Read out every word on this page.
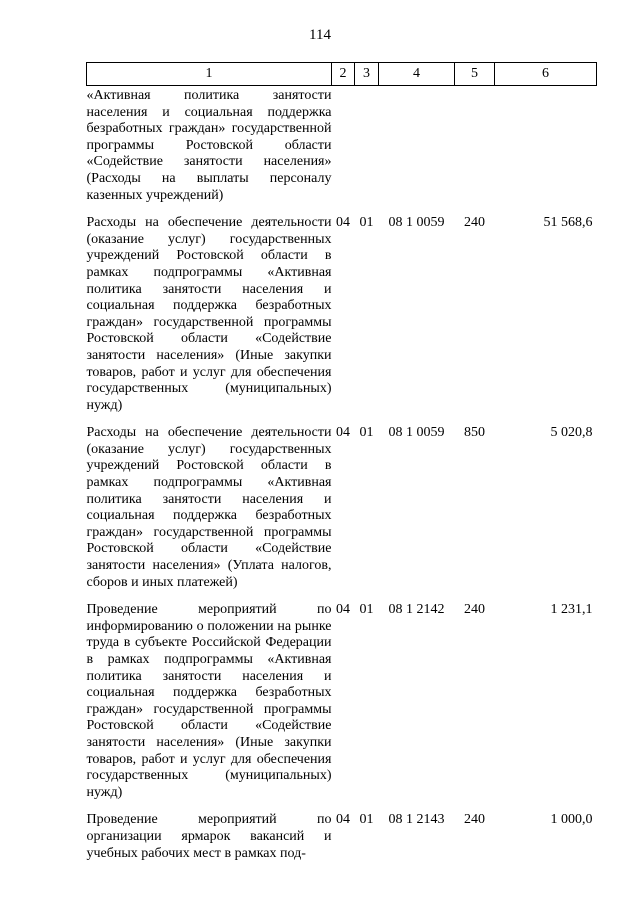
114
1	2	3	4	5	6
«Активная политика занятости населения и социальная поддержка безработных граждан» государственной программы Ростовской области «Содействие занятости населения» (Расходы на выплаты персоналу казенных учреждений)					
Расходы на обеспечение деятельности (оказание услуг) государственных учреждений Ростовской области в рамках подпрограммы «Активная политика занятости населения и социальная поддержка безработных граждан» государственной программы Ростовской области «Содействие занятости населения» (Иные закупки товаров, работ и услуг для обеспечения государственных (муниципальных) нужд)	04	01	08 1 0059	240	51 568,6
Расходы на обеспечение деятельности (оказание услуг) государственных учреждений Ростовской области в рамках подпрограммы «Активная политика занятости населения и социальная поддержка безработных граждан» государственной программы Ростовской области «Содействие занятости населения» (Уплата налогов, сборов и иных платежей)	04	01	08 1 0059	850	5 020,8
Проведение мероприятий по информированию о положении на рынке труда в субъекте Российской Федерации в рамках подпрограммы «Активная политика занятости населения и социальная поддержка безработных граждан» государственной программы Ростовской области «Содействие занятости населения» (Иные закупки товаров, работ и услуг для обеспечения государственных (муниципальных) нужд)	04	01	08 1 2142	240	1 231,1
Проведение мероприятий по организации ярмарок вакансий и учебных рабочих мест в рамках под-	04	01	08 1 2143	240	1 000,0
